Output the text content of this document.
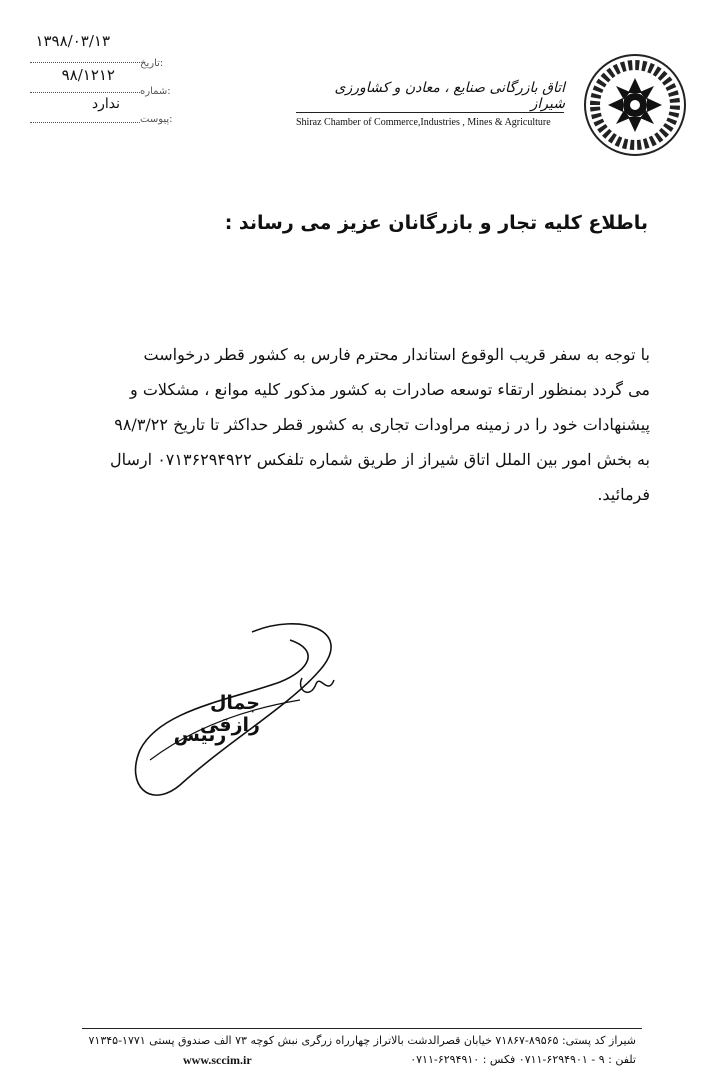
۱۳۹۸/۰۳/۱۳
تاریخ:
۹۸/۱۲۱۲
شماره:
ندارد
پیوست:
اتاق بازرگانی صنایع ، معادن و کشاورزی شیراز
Shiraz Chamber of Commerce,Industries , Mines & Agriculture
باطلاع کلیه تجار و بازرگانان عزیز می رساند :
با توجه به سفر قریب الوقوع استاندار محترم فارس به کشور قطر درخواست
می گردد بمنظور ارتقاء توسعه صادرات به کشور مذکور کلیه موانع ، مشکلات و
پیشنهادات خود را در زمینه مراودات تجاری به کشور قطر حداکثر تا تاریخ ۹۸/۳/۲۲
به بخش امور بین الملل اتاق شیراز از طریق شماره تلفکس ۰۷۱۳۶۲۹۴۹۲۲ ارسال
فرمائید.
جمال رازقی
رئیس
شیراز کد پستی: ۸۹۵۶۵-۷۱۸۶۷ خیابان قصرالدشت بالاتراز چهارراه زرگری نبش کوچه ۷۳ الف صندوق پستی ۱۷۷۱-۷۱۳۴۵
تلفن : ۹ - ۶۲۹۴۹۰۱-۰۷۱۱ فکس : ۶۲۹۴۹۱۰-۰۷۱۱
www.sccim.ir
